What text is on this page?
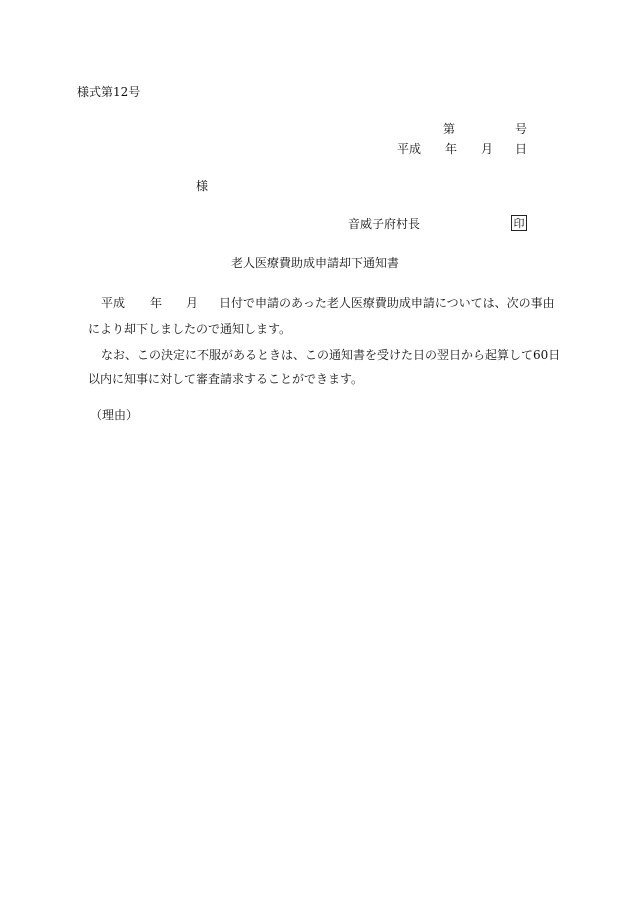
様式第12号
第	号
平成 年 月 日
様
音威子府村長	印
老人医療費助成申請却下通知書
平成 年 月 日付で申請のあった老人医療費助成申請については、次の事由
により却下しましたので通知します。
なお、この決定に不服があるときは、この通知書を受けた日の翌日から起算して60日
以内に知事に対して審査請求することができます。
（理由）
